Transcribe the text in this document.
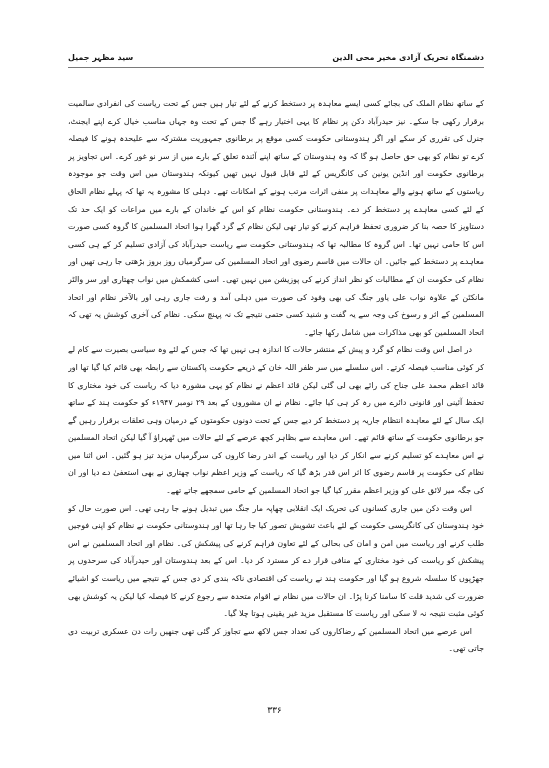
دشمنگاہ تحریک آزادی مخیر محی الدین
سید مظہر جمیل

کے ساتھ نظام الملک کی بجائے کسی ایسے معاہدہ پر دستخط کرنے کے لئے تیار ہیں جس کے تحت ریاست کی انفرادی سالمیت برقرار رکھی جا سکے۔ نیز حیدرآباد دکن پر نظام کا یہی اختیار رہے گا جس کے تحت وہ جہاں مناسب خیال کرے اپنے ایجنٹ، جنرل کی تقرری کر سکے اور اگر ہندوستانی حکومت کسی موقع پر برطانوی جمہوریت مشترکہ سے علیحدہ ہونے کا فیصلہ کرے تو نظام کو بھی حق حاصل ہو گا کہ وہ ہندوستان کے ساتھ اپنے آئندہ تعلق کے بارے میں از سر نو غور کرے۔ اس تجاویز پر برطانوی حکومت اور انڈین یونین کی کانگریس کے لئے قابل قبول نہیں تھیں کیونکہ ہندوستان میں اس وقت جو موجودہ ریاستوں کے ساتھ ہونے والے معاہدات پر منفی اثرات مرتب ہونے کے امکانات تھے۔ دہلی کا مشورہ یہ تھا کہ پہلے نظام الحاق کے لئے کسی معاہدے پر دستخط کر دے۔ ہندوستانی حکومت نظام کو اس کے خاندان کے بارے میں مراعات کو ایک حد تک دستاویز کا حصہ بنا کر ضروری تحفظ فراہم کرنے کو تیار تھی لیکن نظام کے گرد گھرا ہوا اتحاد المسلمین کا گروہ کسی صورت اس کا حامی نہیں تھا۔ اس گروہ کا مطالبہ تھا کہ ہندوستانی حکومت سے ریاست حیدرآباد کی آزادی تسلیم کر کے ہی کسی معاہدے پر دستخط کیے جائیں۔ ان حالات میں قاسم رضوی اور اتحاد المسلمین کی سرگرمیاں روز بروز بڑھتی جا رہی تھیں اور نظام کی حکومت ان کے مطالبات کو نظر انداز کرنے کی پوزیشن میں نہیں تھی۔ اسی کشمکش میں نواب چھتاری اور سر والٹر مانکٹن کے علاوہ نواب علی یاور جنگ کی بھی وفود کی صورت میں دہلی آمد و رفت جاری رہی اور بالآخر نظام اور اتحاد المسلمین کے اثر و رسوخ کی وجہ سے یہ گفت و شنید کسی حتمی نتیجے تک نہ پہنچ سکی۔ نظام کی آخری کوشش یہ تھی کہ اتحاد المسلمین کو بھی مذاکرات میں شامل رکھا جائے۔

در اصل اس وقت نظام کو گرد و پیش کے منتشر حالات کا اندازہ ہی نہیں تھا کہ جس کے لئے وہ سیاسی بصیرت سے کام لے کر کوئی مناسب فیصلہ کرتے۔ اس سلسلے میں سر ظفر اللہ خان کے ذریعے حکومت پاکستان سے رابطہ بھی قائم کیا گیا تھا اور قائد اعظم محمد علی جناح کی رائے بھی لی گئی لیکن قائد اعظم نے نظام کو یہی مشورہ دیا کہ ریاست کی خود مختاری کا تحفظ آئینی اور قانونی دائرے میں رہ کر ہی کیا جائے۔ نظام نے ان مشوروں کے بعد ۲۹ نومبر ۱۹۴۷ء کو حکومت ہند کے ساتھ ایک سال کے لئے معاہدہ انتظام جاریہ پر دستخط کر دیے جس کے تحت دونوں حکومتوں کے درمیان وہی تعلقات برقرار رہیں گے جو برطانوی حکومت کے ساتھ قائم تھے۔ اس معاہدے سے بظاہر کچھ عرصے کے لئے حالات میں ٹھہراؤ آ گیا لیکن اتحاد المسلمین نے اس معاہدے کو تسلیم کرنے سے انکار کر دیا اور ریاست کے اندر رضا کاروں کی سرگرمیاں مزید تیز ہو گئیں۔ اس اثنا میں نظام کی حکومت پر قاسم رضوی کا اثر اس قدر بڑھ گیا کہ ریاست کے وزیر اعظم نواب چھتاری نے بھی استعفیٰ دے دیا اور ان کی جگہ میر لائق علی کو وزیر اعظم مقرر کیا گیا جو اتحاد المسلمین کے حامی سمجھے جاتے تھے۔

اس وقت دکن میں جاری کسانوں کی تحریک ایک انقلابی چھاپہ مار جنگ میں تبدیل ہونے جا رہی تھی۔ اس صورت حال کو خود ہندوستان کی کانگریسی حکومت کے لئے باعث تشویش تصور کیا جا رہا تھا اور ہندوستانی حکومت نے نظام کو اپنی فوجیں طلب کرنے اور ریاست میں امن و امان کی بحالی کے لئے تعاون فراہم کرنے کی پیشکش کی۔ نظام اور اتحاد المسلمین نے اس پیشکش کو ریاست کی خود مختاری کے منافی قرار دے کر مسترد کر دیا۔ اس کے بعد ہندوستان اور حیدرآباد کی سرحدوں پر جھڑپوں کا سلسلہ شروع ہو گیا اور حکومت ہند نے ریاست کی اقتصادی ناکہ بندی کر دی جس کے نتیجے میں ریاست کو اشیائے ضرورت کی شدید قلت کا سامنا کرنا پڑا۔ ان حالات میں نظام نے اقوام متحدہ سے رجوع کرنے کا فیصلہ کیا لیکن یہ کوشش بھی کوئی مثبت نتیجہ نہ لا سکی اور ریاست کا مستقبل مزید غیر یقینی ہوتا چلا گیا۔

اس عرصے میں اتحاد المسلمین کے رضاکاروں کی تعداد جس لاکھ سے تجاوز کر گئی تھی جنھیں رات دن عسکری تربیت دی جاتی تھی۔

۳۳۶
